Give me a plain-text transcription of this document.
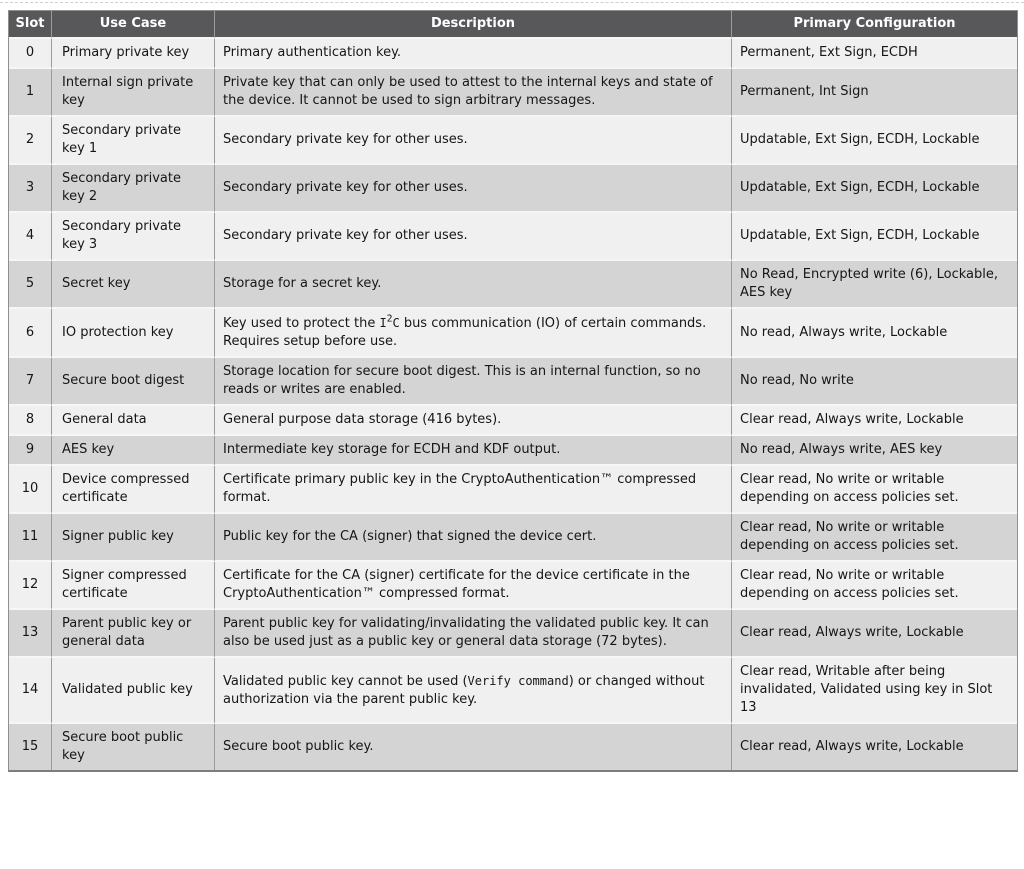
Slot	Use Case	Description	Primary Configuration
0	Primary private key	Primary authentication key.	Permanent, Ext Sign, ECDH
1	Internal sign private key	Private key that can only be used to attest to the internal keys and state of the device. It cannot be used to sign arbitrary messages.	Permanent, Int Sign
2	Secondary private key 1	Secondary private key for other uses.	Updatable, Ext Sign, ECDH, Lockable
3	Secondary private key 2	Secondary private key for other uses.	Updatable, Ext Sign, ECDH, Lockable
4	Secondary private key 3	Secondary private key for other uses.	Updatable, Ext Sign, ECDH, Lockable
5	Secret key	Storage for a secret key.	No Read, Encrypted write (6), Lockable, AES key
6	IO protection key	Key used to protect the $I^2C$ bus communication (IO) of certain commands. Requires setup before use.	No read, Always write, Lockable
7	Secure boot digest	Storage location for secure boot digest. This is an internal function, so no reads or writes are enabled.	No read, No write
8	General data	General purpose data storage (416 bytes).	Clear read, Always write, Lockable
9	AES key	Intermediate key storage for ECDH and KDF output.	No read, Always write, AES key
10	Device compressed certificate	Certificate primary public key in the CryptoAuthentication™ compressed format.	Clear read, No write or writable depending on access policies set.
11	Signer public key	Public key for the CA (signer) that signed the device cert.	Clear read, No write or writable depending on access policies set.
12	Signer compressed certificate	Certificate for the CA (signer) certificate for the device certificate in the CryptoAuthentication™ compressed format.	Clear read, No write or writable depending on access policies set.
13	Parent public key or general data	Parent public key for validating/invalidating the validated public key. It can also be used just as a public key or general data storage (72 bytes).	Clear read, Always write, Lockable
14	Validated public key	Validated public key cannot be used (Verify command) or changed without authorization via the parent public key.	Clear read, Writable after being invalidated, Validated using key in Slot 13
15	Secure boot public key	Secure boot public key.	Clear read, Always write, Lockable
